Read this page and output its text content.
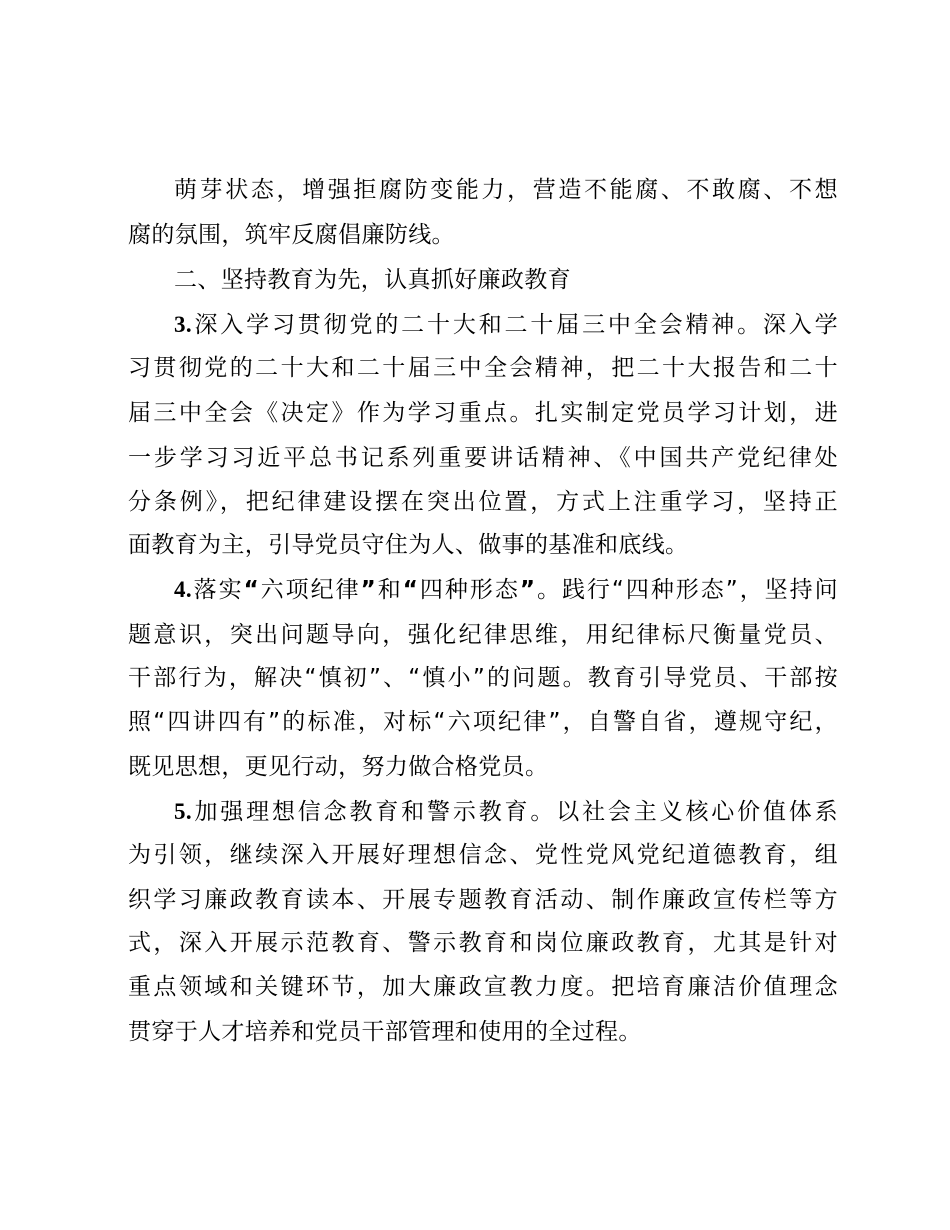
萌芽状态，增强拒腐防变能力，营造不能腐、不敢腐、不想
腐的氛围，筑牢反腐倡廉防线。
二、坚持教育为先，认真抓好廉政教育
3.深入学习贯彻党的二十大和二十届三中全会精神。深入学
习贯彻党的二十大和二十届三中全会精神，把二十大报告和二十
届三中全会《决定》作为学习重点。扎实制定党员学习计划，进
一步学习习近平总书记系列重要讲话精神、《中国共产党纪律处
分条例》，把纪律建设摆在突出位置，方式上注重学习，坚持正
面教育为主，引导党员守住为人、做事的基准和底线。
4.落实“六项纪律”和“四种形态”。践行“四种形态”，坚持问
题意识，突出问题导向，强化纪律思维，用纪律标尺衡量党员、
干部行为，解决“慎初”、“慎小”的问题。教育引导党员、干部按
照“四讲四有”的标准，对标“六项纪律”，自警自省，遵规守纪，
既见思想，更见行动，努力做合格党员。
5.加强理想信念教育和警示教育。以社会主义核心价值体系
为引领，继续深入开展好理想信念、党性党风党纪道德教育，组
织学习廉政教育读本、开展专题教育活动、制作廉政宣传栏等方
式，深入开展示范教育、警示教育和岗位廉政教育，尤其是针对
重点领域和关键环节，加大廉政宣教力度。把培育廉洁价值理念
贯穿于人才培养和党员干部管理和使用的全过程。
